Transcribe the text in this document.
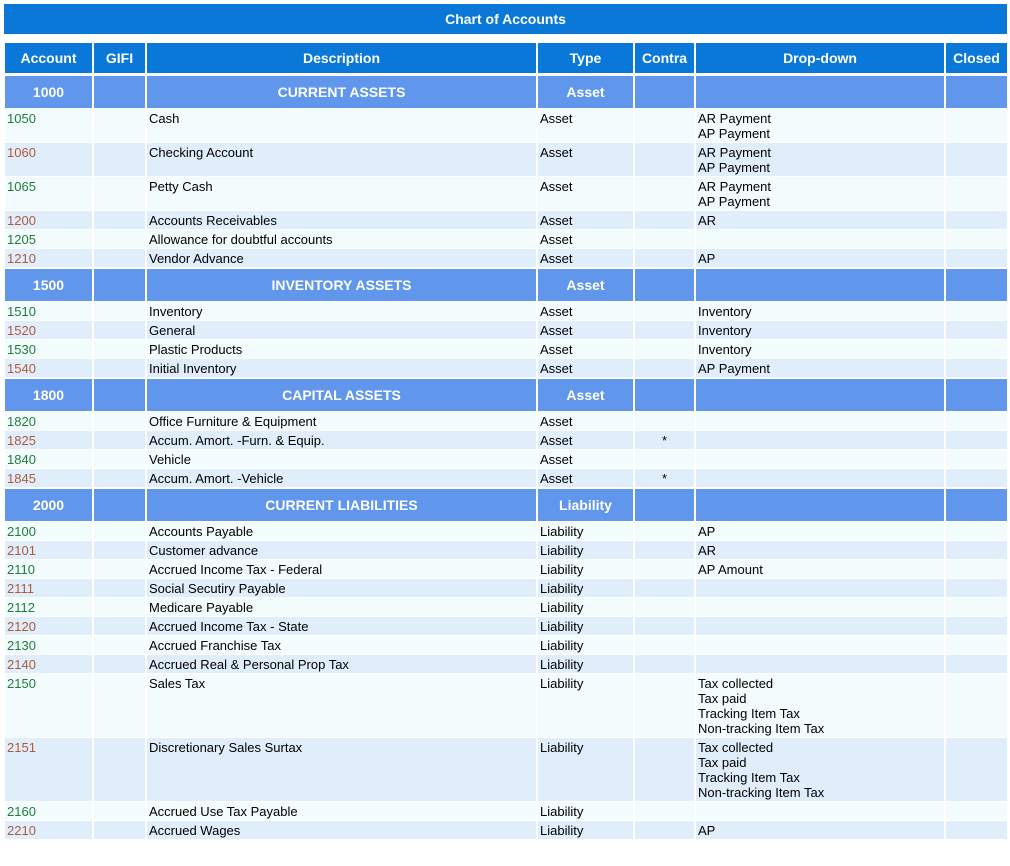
Chart of Accounts
Account	GIFI	Description	Type	Contra	Drop-down	Closed
1000		CURRENT ASSETS	Asset			
1050		Cash	Asset		AR Payment
AP Payment	

1060		Checking Account	Asset		AR Payment
AP Payment	

1065		Petty Cash	Asset		AR Payment
AP Payment	

1200		Accounts Receivables	Asset		AR	

1205		Allowance for doubtful accounts	Asset			
1210		Vendor Advance	Asset		AP	

1500		INVENTORY ASSETS	Asset			
1510		Inventory	Asset		Inventory	

1520		General	Asset		Inventory	

1530		Plastic Products	Asset		Inventory	

1540		Initial Inventory	Asset		AP Payment	

1800		CAPITAL ASSETS	Asset			
1820		Office Furniture & Equipment	Asset			
1825		Accum. Amort. -Furn. & Equip.	Asset	*		
1840		Vehicle	Asset			
1845		Accum. Amort. -Vehicle	Asset	*		
2000		CURRENT LIABILITIES	Liability			
2100		Accounts Payable	Liability		AP	

2101		Customer advance	Liability		AR	

2110		Accrued Income Tax - Federal	Liability		AP Amount	

2111		Social Secutiry Payable	Liability			
2112		Medicare Payable	Liability			
2120		Accrued Income Tax - State	Liability			
2130		Accrued Franchise Tax	Liability			
2140		Accrued Real & Personal Prop Tax	Liability			
2150		Sales Tax	Liability		Tax collected
Tax paid
Tracking Item Tax
Non-tracking Item Tax	

2151		Discretionary Sales Surtax	Liability		Tax collected
Tax paid
Tracking Item Tax
Non-tracking Item Tax	

2160		Accrued Use Tax Payable	Liability			
2210		Accrued Wages	Liability		AP	
